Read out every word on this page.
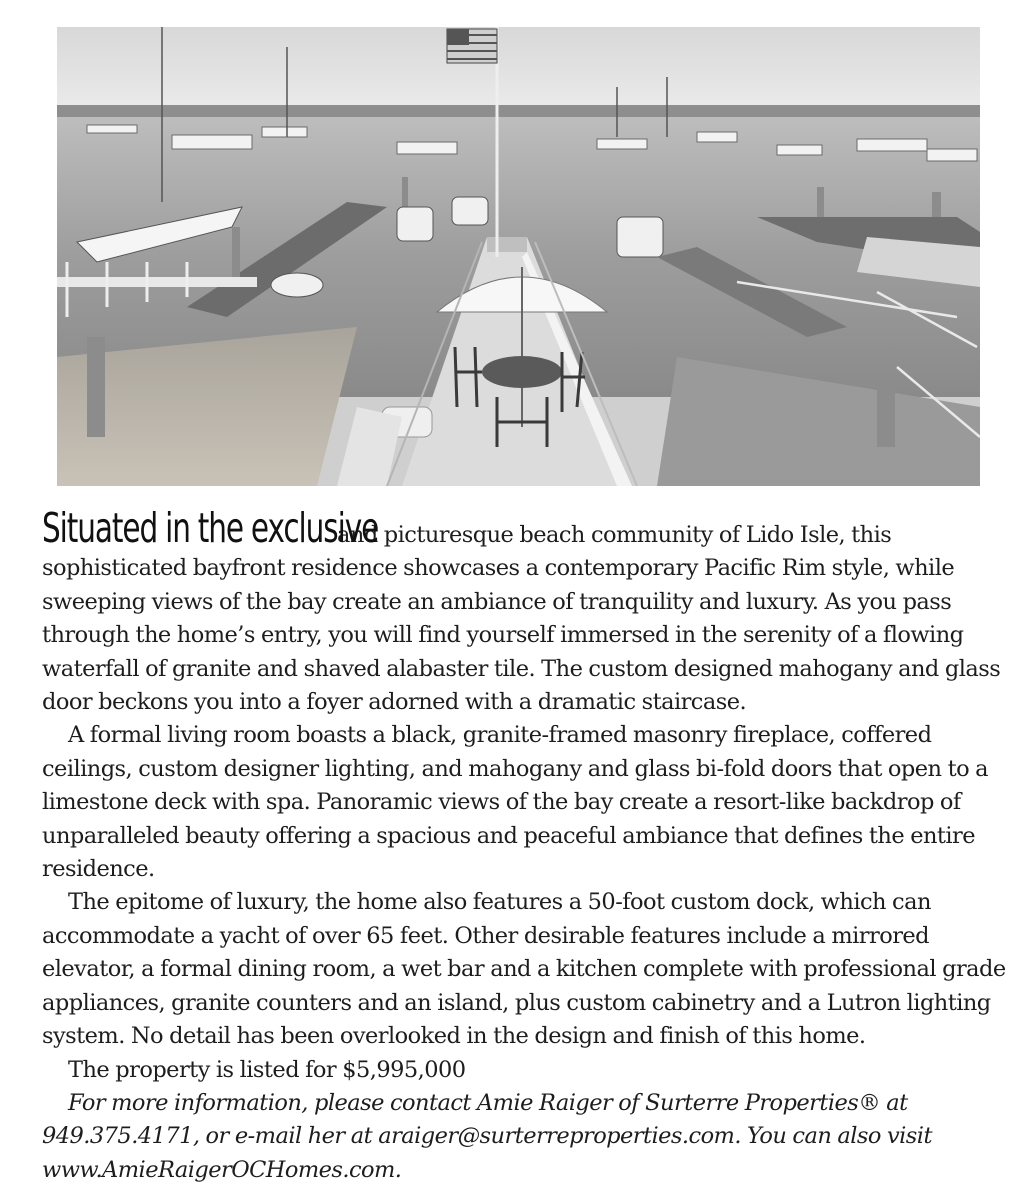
Situated in the exclusive and picturesque beach community of Lido Isle, this sophisticated bayfront residence showcases a contemporary Pacific Rim style, while sweeping views of the bay create an ambiance of tranquility and luxury. As you pass through the home’s entry, you will find yourself immersed in the serenity of a flowing waterfall of granite and shaved alabaster tile. The custom designed mahogany and glass door beckons you into a foyer adorned with a dramatic staircase.

A formal living room boasts a black, granite-framed masonry fireplace, coffered ceilings, custom designer lighting, and mahogany and glass bi-fold doors that open to a limestone deck with spa. Panoramic views of the bay create a resort-like backdrop of unparalleled beauty offering a spacious and peaceful ambiance that defines the entire residence.

The epitome of luxury, the home also features a 50-foot custom dock, which can accommodate a yacht of over 65 feet. Other desirable features include a mirrored elevator, a formal dining room, a wet bar and a kitchen complete with professional grade appliances, granite counters and an island, plus custom cabinetry and a Lutron lighting system. No detail has been overlooked in the design and finish of this home.

The property is listed for $5,995,000

For more information, please contact Amie Raiger of Surterre Properties® at 949.375.4171, or e-mail her at araiger@surterreproperties.com. You can also visit www.AmieRaigerOCHomes.com.
